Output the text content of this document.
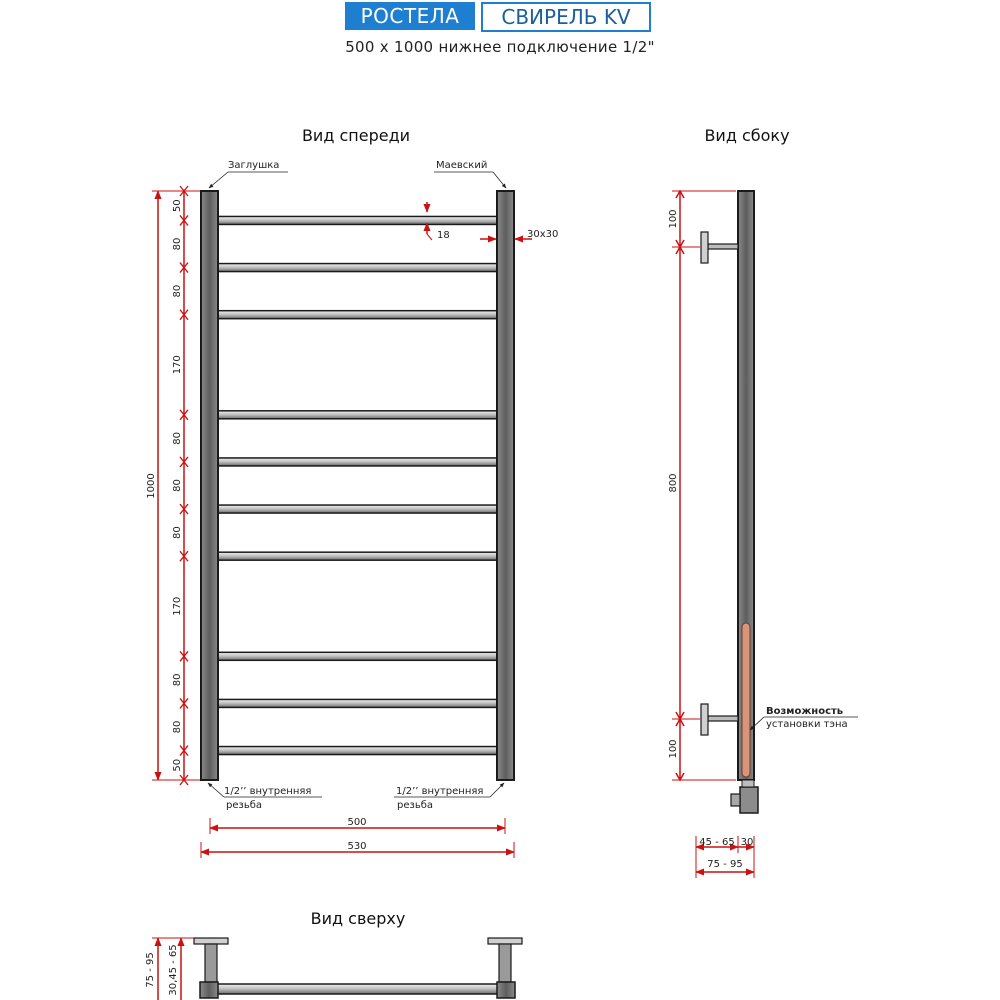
РОСТЕЛА	СВИРЕЛЬ KV
500 x 1000 нижнее подключение 1/2"
Вид спереди	Вид сбоку
Вид сверху
1000
50
80
80
170
80
80
80
170
80
80
50
18	30x30
Заглушка	Маевский
1/2’’ внутренняя
резьба
1/2’’ внутренняя
резьба
500
530
100
800
100
Возможность
установки тэна
45 - 65 30
75 - 95
75 - 95 30,45 - 65
